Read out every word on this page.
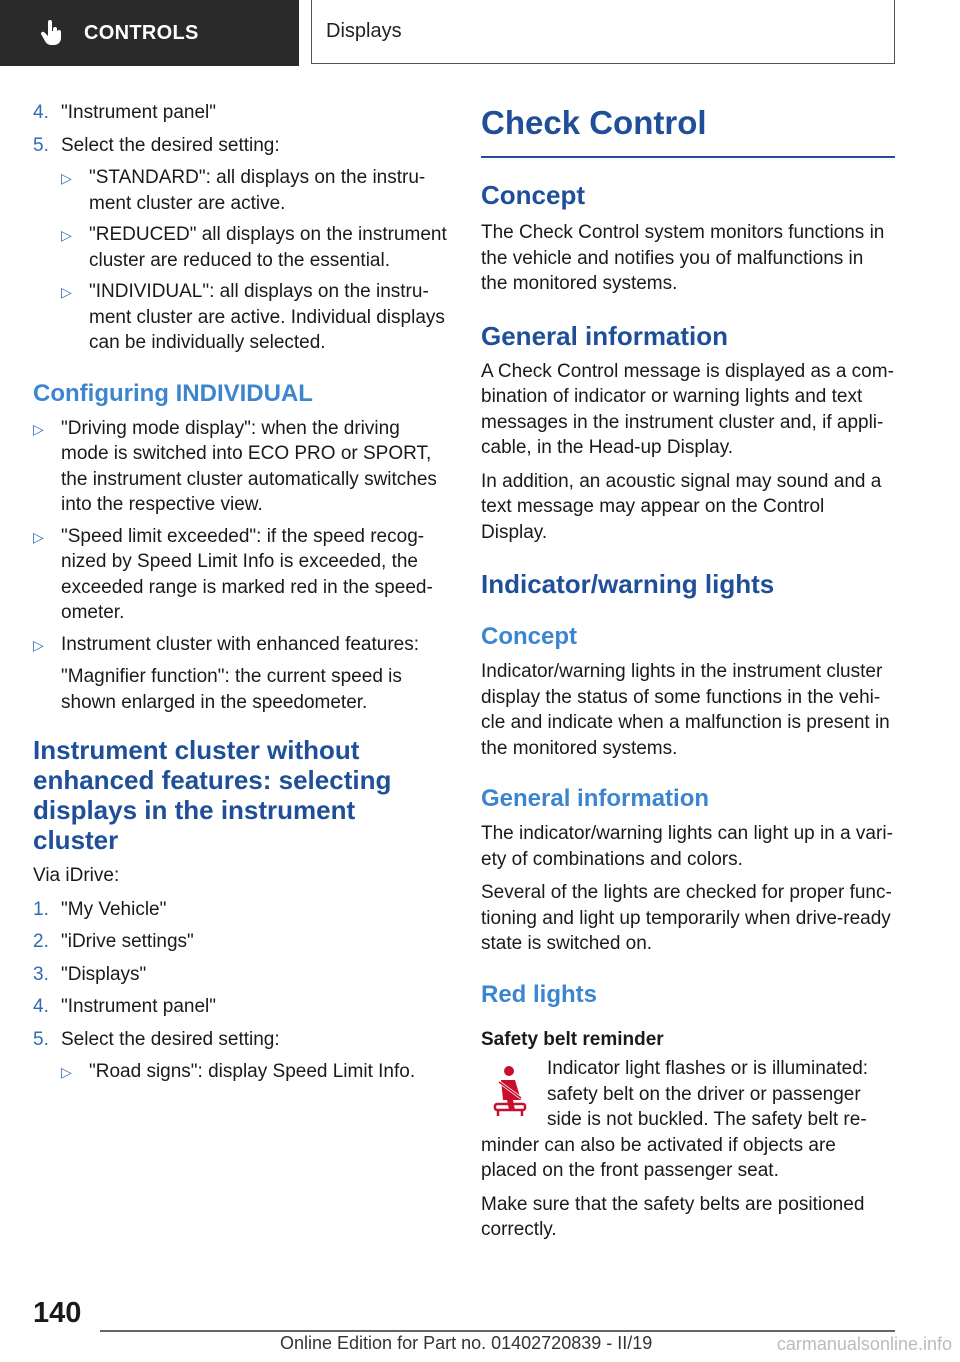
CONTROLS	Displays
4. "Instrument panel"
5. Select the desired setting:
▷ "STANDARD": all displays on the instrument cluster are active.
▷ "REDUCED" all displays on the instrument cluster are reduced to the essential.
▷ "INDIVIDUAL": all displays on the instrument cluster are active. Individual displays can be individually selected.
Configuring INDIVIDUAL
▷ "Driving mode display": when the driving mode is switched into ECO PRO or SPORT, the instrument cluster automatically switches into the respective view.
▷ "Speed limit exceeded": if the speed recognized by Speed Limit Info is exceeded, the exceeded range is marked red in the speedometer.
▷ Instrument cluster with enhanced features:
"Magnifier function": the current speed is shown enlarged in the speedometer.
Instrument cluster without enhanced features: selecting displays in the instrument cluster

Via iDrive:

1. "My Vehicle"
2. "iDrive settings"
3. "Displays"
4. "Instrument panel"
5. Select the desired setting:
▷ "Road signs": display Speed Limit Info.
Check Control
Concept

The Check Control system monitors functions in the vehicle and notifies you of malfunctions in the monitored systems.

General information

A Check Control message is displayed as a combination of indicator or warning lights and text messages in the instrument cluster and, if applicable, in the Head-up Display.

In addition, an acoustic signal may sound and a text message may appear on the Control Display.

Indicator/warning lights
Concept

Indicator/warning lights in the instrument cluster display the status of some functions in the vehicle and indicate when a malfunction is present in the monitored systems.

General information

The indicator/warning lights can light up in a variety of combinations and colors.

Several of the lights are checked for proper functioning and light up temporarily when drive-ready state is switched on.

Red lights
Safety belt reminder

Indicator light flashes or is illuminated: safety belt on the driver or passenger side is not buckled. The safety belt reminder can also be activated if objects are placed on the front passenger seat.

Make sure that the safety belts are positioned correctly.

140
Online Edition for Part no. 01402720839 - II/19	carmanualsonline.info
